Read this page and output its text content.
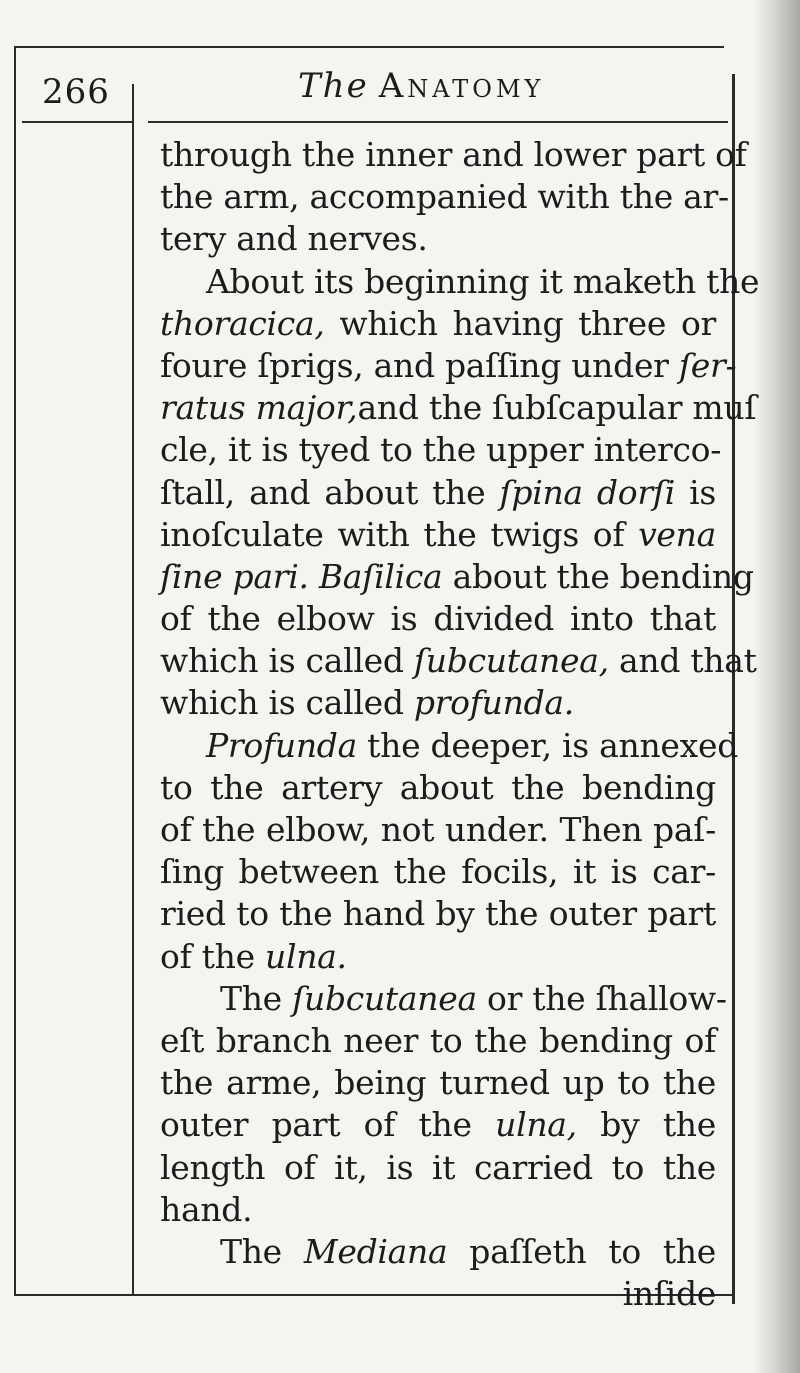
266	The Anatomy
through the inner and lower part of
the arm, accompanied with the ar-
tery and nerves.
About its beginning it maketh the
thoracica, which having three or
foure ſprigs, and paſſing under ſer-
ratus major,and the ſubſcapular muſ
cle, it is tyed to the upper interco-
ſtall, and about the ſpina dorſi is
inoſculate with the twigs of vena
ſine pari. Baſilica about the bending
of the elbow is divided into that
which is called ſubcutanea, and that
which is called profunda.
Profunda the deeper, is annexed
to the artery about the bending
of the elbow, not under. Then paſ-
ſing between the focils, it is car-
ried to the hand by the outer part
of the ulna.
The ſubcutanea or the ſhallow-
eſt branch neer to the bending of
the arme, being turned up to the
outer part of the ulna, by the
length of it, is it carried to the
hand.
The Mediana paſſeth to the
inſide
